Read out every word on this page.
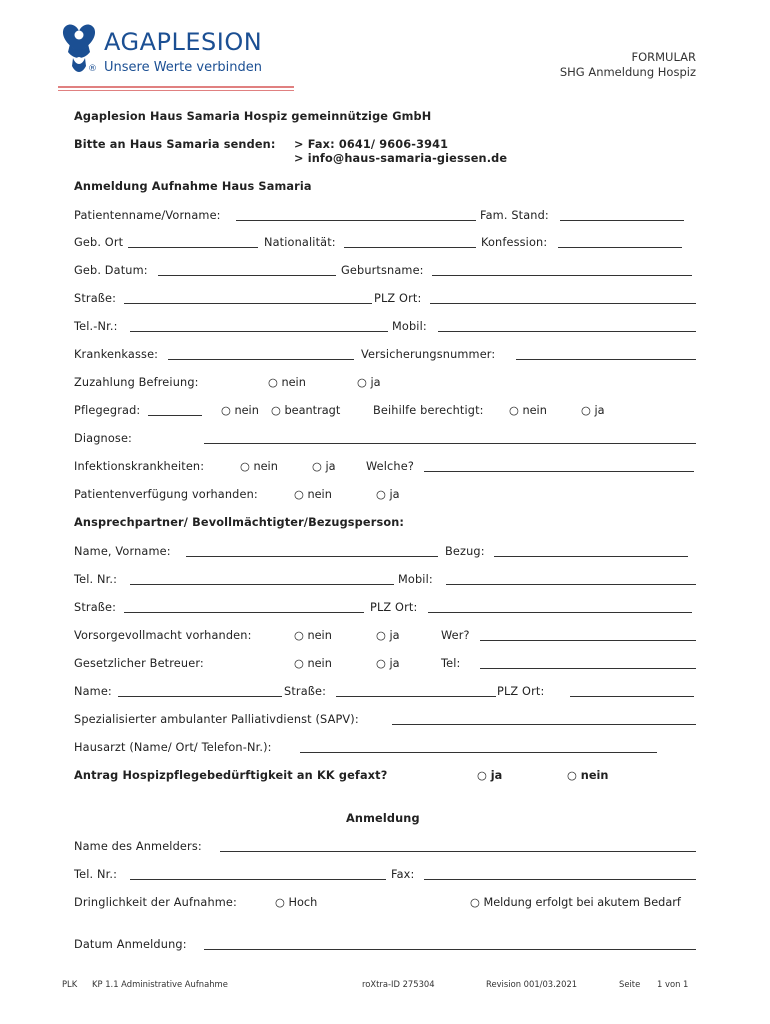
AGAPLESION
® Unsere Werte verbinden
FORMULAR
SHG Anmeldung Hospiz
Agaplesion Haus Samaria Hospiz gemeinnützige GmbH
Bitte an Haus Samaria senden: > Fax: 0641/ 9606-3941
> info@haus-samaria-giessen.de
Anmeldung Aufnahme Haus Samaria
Patientenname/Vorname:	Fam. Stand:
Geb. Ort	Nationalität:	Konfession:
Geb. Datum:	Geburtsname:
Straße:	PLZ Ort:
Tel.-Nr.:	Mobil:
Krankenkasse:	Versicherungsnummer:
Zuzahlung Befreiung:	○ nein	○ ja
Pflegegrad:	○ nein ○ beantragt	Beihilfe berechtigt: ○ nein	○ ja
Diagnose:
Infektionskrankheiten:	○ nein	○ ja	Welche?
Patientenverfügung vorhanden:	○ nein	○ ja
Ansprechpartner/ Bevollmächtigter/Bezugsperson:
Name, Vorname:	Bezug:
Tel. Nr.:	Mobil:
Straße:	PLZ Ort:
Vorsorgevollmacht vorhanden:	○ nein	○ ja	Wer?
Gesetzlicher Betreuer:	○ nein	○ ja	Tel:
Name:	Straße:	PLZ Ort:
Spezialisierter ambulanter Palliativdienst (SAPV):
Hausarzt (Name/ Ort/ Telefon-Nr.):
Antrag Hospizpflegebedürftigkeit an KK gefaxt?	○ ja	○ nein
Anmeldung
Name des Anmelders:
Tel. Nr.:	Fax:
Dringlichkeit der Aufnahme:	○ Hoch	○ Meldung erfolgt bei akutem Bedarf
Datum Anmeldung:
PLK KP 1.1 Administrative Aufnahme	roXtra-ID 275304	Revision 001/03.2021	Seite 1 von 1
